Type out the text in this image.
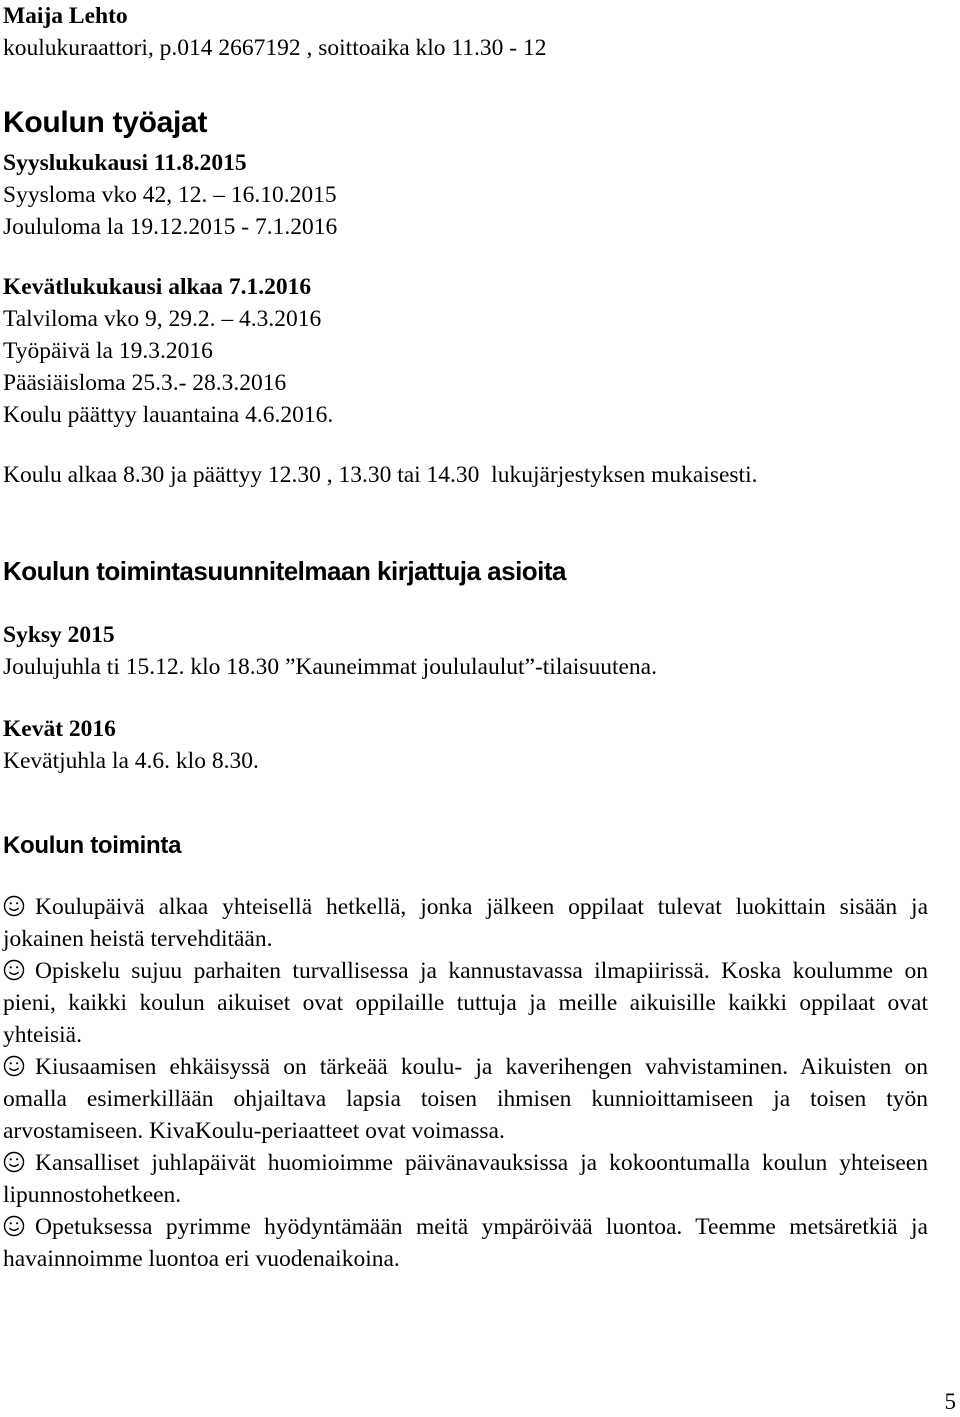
Maija Lehto
koulukuraattori, p.014 2667192 , soittoaika klo 11.30 - 12
Koulun työajat
Syyslukukausi 11.8.2015
Syysloma vko 42, 12. – 16.10.2015
Joululoma la 19.12.2015 - 7.1.2016
Kevätlukukausi alkaa 7.1.2016
Talviloma vko 9, 29.2. – 4.3.2016
Työpäivä la 19.3.2016
Pääsiäisloma 25.3.- 28.3.2016
Koulu päättyy lauantaina 4.6.2016.
Koulu alkaa 8.30 ja päättyy 12.30 , 13.30 tai 14.30  lukujärjestyksen mukaisesti.
Koulun toimintasuunnitelmaan kirjattuja asioita
Syksy 2015
Joulujuhla ti 15.12. klo 18.30 ”Kauneimmat joululaulut”-tilaisuutena.
Kevät 2016
Kevätjuhla la 4.6. klo 8.30.
Koulun toiminta
Koulupäivä alkaa yhteisellä hetkellä, jonka jälkeen oppilaat tulevat luokittain sisään ja jokainen heistä tervehditään.
Opiskelu sujuu parhaiten turvallisessa ja kannustavassa ilmapiirissä. Koska koulumme on pieni, kaikki koulun aikuiset ovat oppilaille tuttuja ja meille aikuisille kaikki oppilaat ovat yhteisiä.
Kiusaamisen ehkäisyssä on tärkeää koulu- ja kaverihengen vahvistaminen. Aikuisten on omalla esimerkillään ohjailtava lapsia toisen ihmisen kunnioittamiseen ja toisen työn arvostamiseen. KivaKoulu-periaatteet ovat voimassa.
Kansalliset juhlapäivät huomioimme päivänavauksissa ja kokoontumalla koulun yhteiseen lipunnostohetkeen.
Opetuksessa pyrimme hyödyntämään meitä ympäröivää luontoa. Teemme metsäretkiä ja havainnoimme luontoa eri vuodenaikoina.
5
